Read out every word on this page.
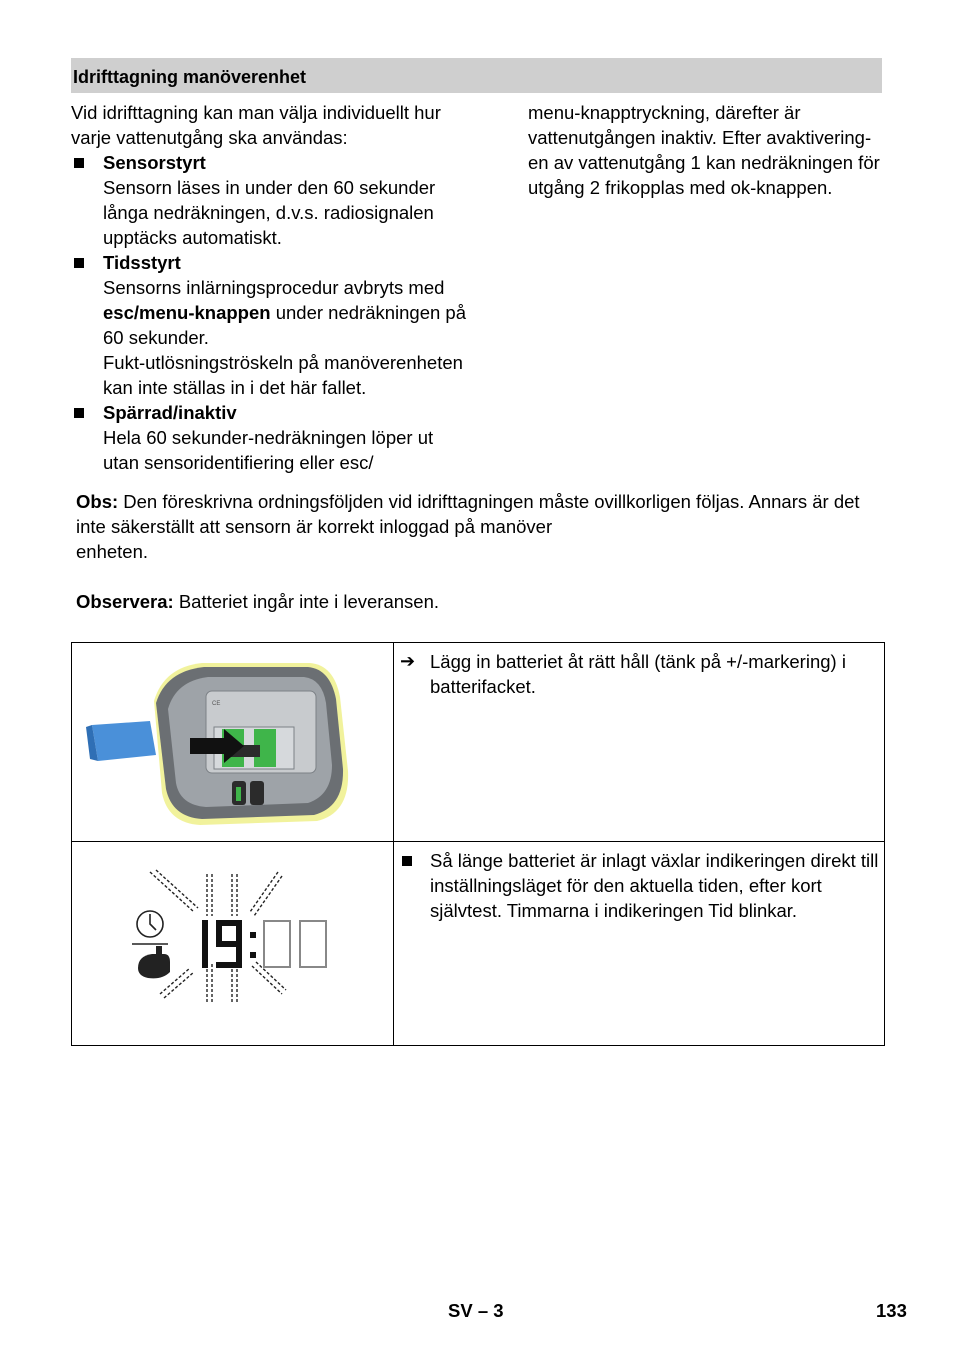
Idrifttagning manöverenhet
Vid idrifttagning kan man välja individuellt hur varje vattenutgång ska användas:
Sensorstyrt
Sensorn läses in under den 60 sekunder långa nedräkningen, d.v.s. radiosignalen upptäcks automatiskt.
Tidsstyrt
Sensorns inlärningsprocedur avbryts med esc/menu-knappen under nedräkningen på 60 sekunder.
Fukt-utlösningströskeln på manöverenheten kan inte ställas in i det här fallet.
Spärrad/inaktiv
Hela 60 sekunder-nedräkningen löper ut utan sensoridentifiering eller esc/
menu-knapptryckning, därefter är vattenutgången inaktiv. Efter avaktivering-en av vattenutgång 1 kan nedräkningen för utgång 2 frikopplas med ok-knappen.
Obs: Den föreskrivna ordningsföljden vid idrifttagningen måste ovillkorligen följas. Annars är det inte säkerställt att sensorn är korrekt inloggad på manöver
enheten.
Observera: Batteriet ingår inte i leveransen.
CE	➔ Lägg in batteriet åt rätt håll (tänk på +/-markering) i batterifacket.

19:00	Så länge batteriet är inlagt växlar indikeringen direkt till inställningsläget för den aktuella tiden, efter kort självtest. Timmarna i indikeringen Tid blinkar.
SV – 3	133
